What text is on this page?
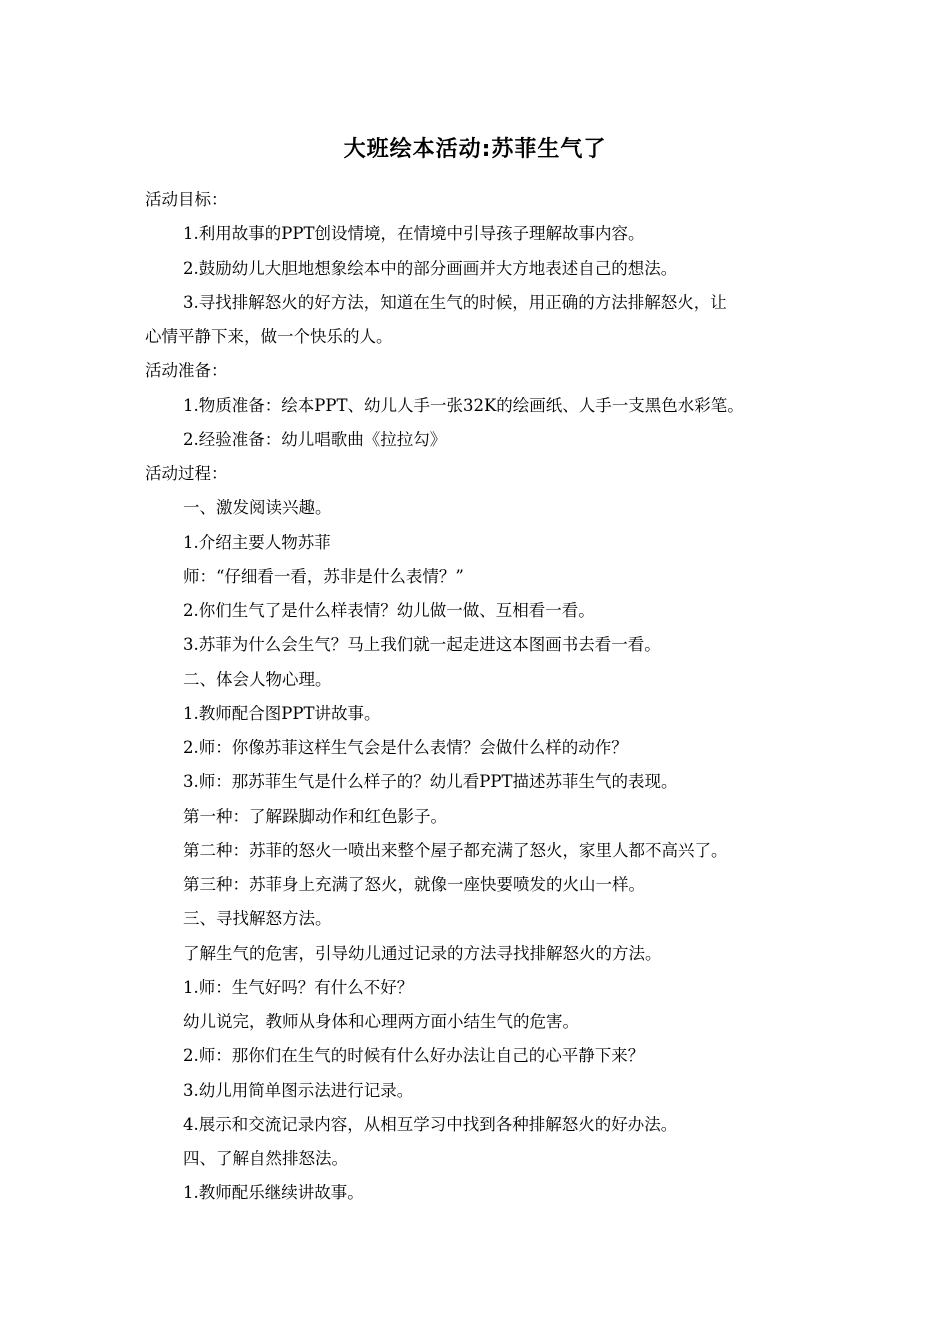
大班绘本活动:苏菲生气了
活动目标：
1.利用故事的PPT创设情境，在情境中引导孩子理解故事内容。
2.鼓励幼儿大胆地想象绘本中的部分画画并大方地表述自己的想法。
3.寻找排解怒火的好方法，知道在生气的时候，用正确的方法排解怒火，让
心情平静下来，做一个快乐的人。
活动准备：
1.物质准备：绘本PPT、幼儿人手一张32K的绘画纸、人手一支黑色水彩笔。
2.经验准备：幼儿唱歌曲《拉拉勾》
活动过程：
一、激发阅读兴趣。
1.介绍主要人物苏菲
师：“仔细看一看，苏非是什么表情？”
2.你们生气了是什么样表情？幼儿做一做、互相看一看。
3.苏菲为什么会生气？马上我们就一起走进这本图画书去看一看。
二、体会人物心理。
1.教师配合图PPT讲故事。
2.师：你像苏菲这样生气会是什么表情？会做什么样的动作？
3.师：那苏菲生气是什么样子的？幼儿看PPT描述苏菲生气的表现。
第一种：了解跺脚动作和红色影子。
第二种：苏菲的怒火一喷出来整个屋子都充满了怒火，家里人都不高兴了。
第三种：苏菲身上充满了怒火，就像一座快要喷发的火山一样。
三、寻找解怒方法。
了解生气的危害，引导幼儿通过记录的方法寻找排解怒火的方法。
1.师：生气好吗？有什么不好？
幼儿说完，教师从身体和心理两方面小结生气的危害。
2.师：那你们在生气的时候有什么好办法让自己的心平静下来？
3.幼儿用简单图示法进行记录。
4.展示和交流记录内容，从相互学习中找到各种排解怒火的好办法。
四、了解自然排怒法。
1.教师配乐继续讲故事。
